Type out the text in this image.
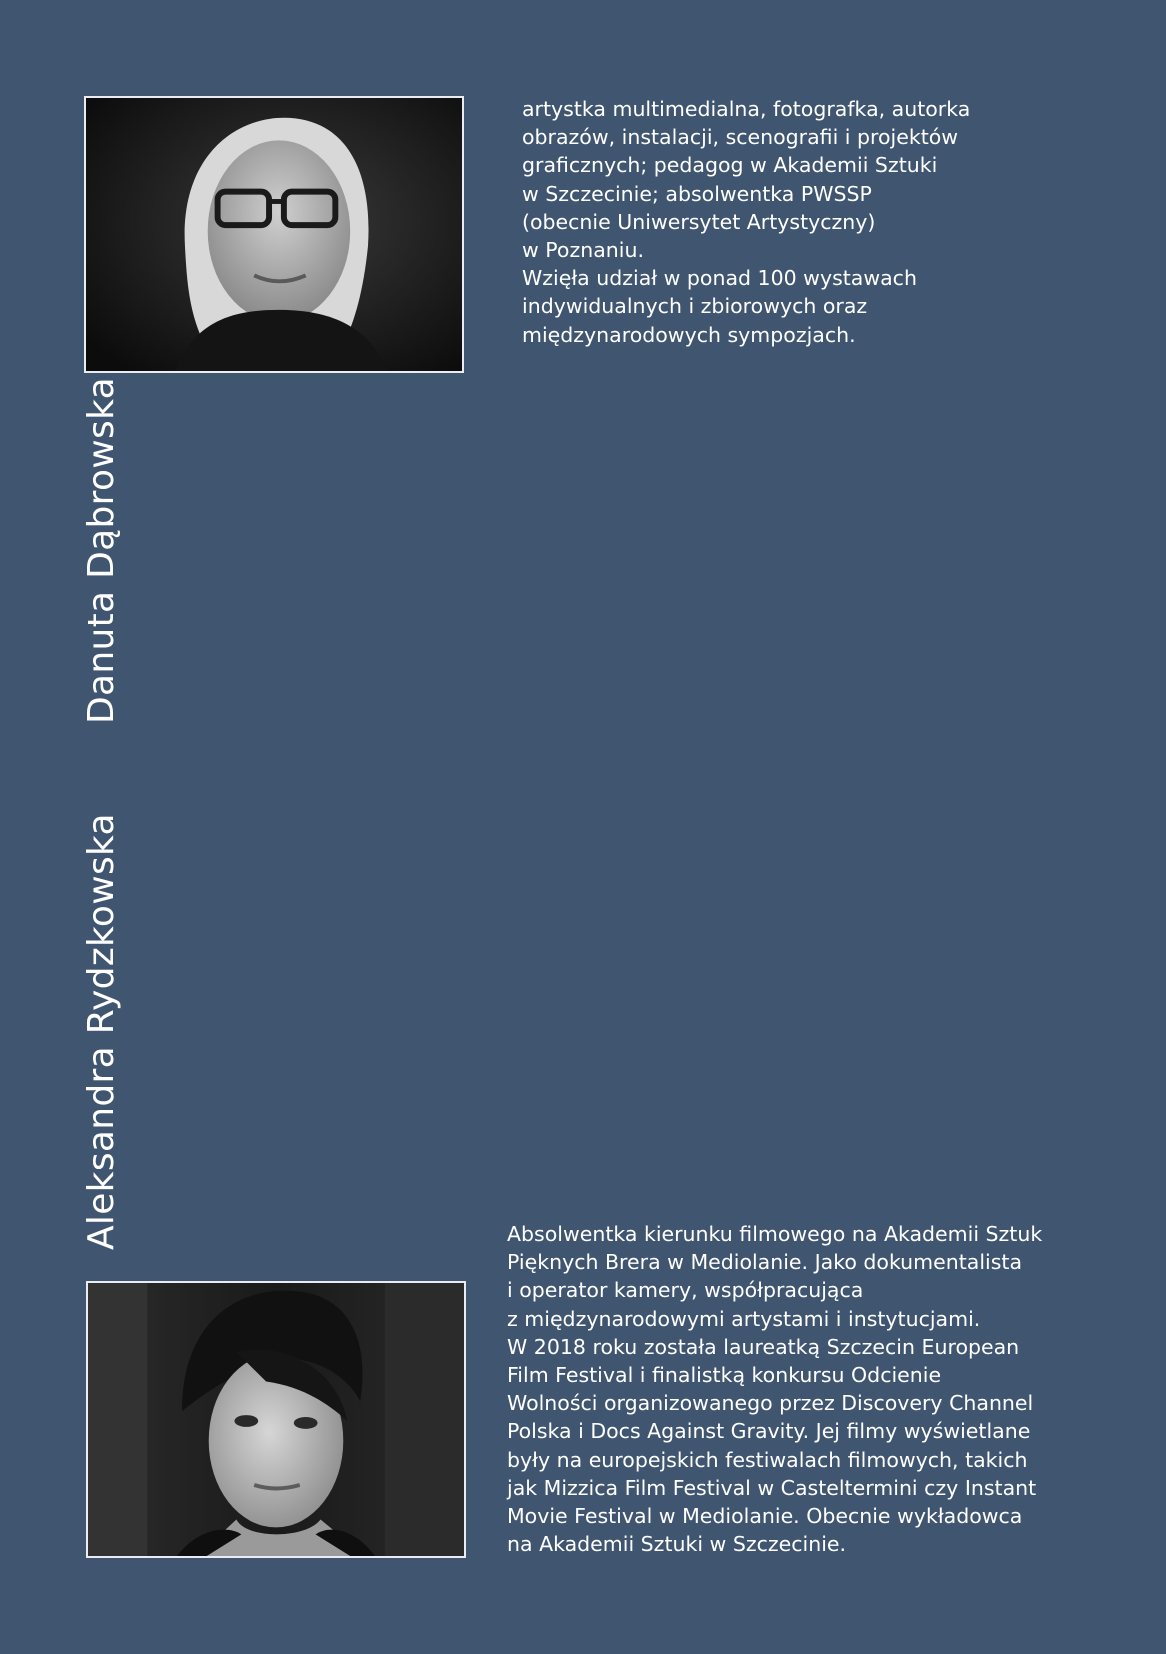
Danuta Dąbrowska
Aleksandra Rydzkowska
artystka multimedialna, fotografka, autorka
obrazów, instalacji, scenografii i projektów
graficznych; pedagog w Akademii Sztuki
w Szczecinie; absolwentka PWSSP
(obecnie Uniwersytet Artystyczny)
w Poznaniu.
Wzięła udział w ponad 100 wystawach
indywidualnych i zbiorowych oraz
międzynarodowych sympozjach.
Absolwentka kierunku filmowego na Akademii Sztuk
Pięknych Brera w Mediolanie. Jako dokumentalista
i operator kamery, współpracująca
z międzynarodowymi artystami i instytucjami.
W 2018 roku została laureatką Szczecin European
Film Festival i finalistką konkursu Odcienie
Wolności organizowanego przez Discovery Channel
Polska i Docs Against Gravity. Jej filmy wyświetlane
były na europejskich festiwalach filmowych, takich
jak Mizzica Film Festival w Casteltermini czy Instant
Movie Festival w Mediolanie. Obecnie wykładowca
na Akademii Sztuki w Szczecinie.
